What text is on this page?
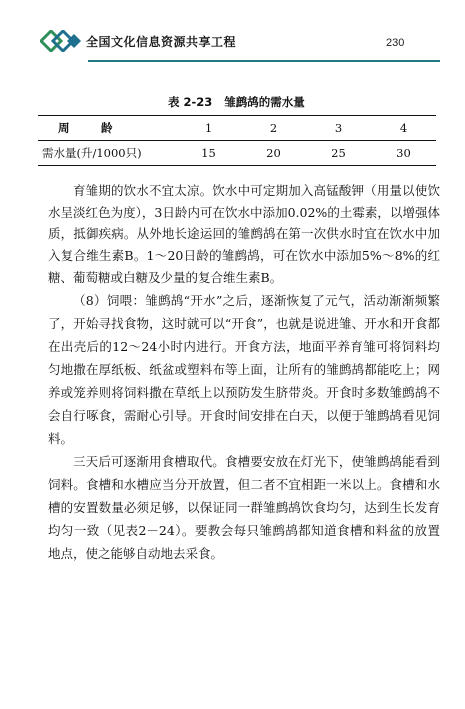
全国文化信息资源共享工程	230
表 2-23 雏鹧鸪的需水量
周　龄	1	2	3	4
需水量(升/1000只)	15	20	25	30

育雏期的饮水不宜太凉。饮水中可定期加入高锰酸钾（用量以使饮水呈淡红色为度），3日龄内可在饮水中添加0.02%的土霉素，以增强体质，抵御疾病。从外地长途运回的雏鹧鸪在第一次供水时宜在饮水中加入复合维生素B。1～20日龄的雏鹧鸪，可在饮水中添加5%～8%的红糖、葡萄糖或白糖及少量的复合维生素B。

（8）饲喂：雏鹧鸪“开水”之后，逐渐恢复了元气，活动渐渐频繁了，开始寻找食物，这时就可以“开食”，也就是说进雏、开水和开食都在出壳后的12～24小时内进行。开食方法，地面平养育雏可将饲料均匀地撒在厚纸板、纸盆或塑料布等上面，让所有的雏鹧鸪都能吃上；网养或笼养则将饲料撒在草纸上以预防发生脐带炎。开食时多数雏鹧鸪不会自行啄食，需耐心引导。开食时间安排在白天，以便于雏鹧鸪看见饲料。

三天后可逐渐用食槽取代。食槽要安放在灯光下，使雏鹧鸪能看到饲料。食槽和水槽应当分开放置，但二者不宜相距一米以上。食槽和水槽的安置数量必须足够，以保证同一群雏鹧鸪饮食均匀，达到生长发育均匀一致（见表2－24）。要教会每只雏鹧鸪都知道食槽和料盆的放置地点，使之能够自动地去采食。
